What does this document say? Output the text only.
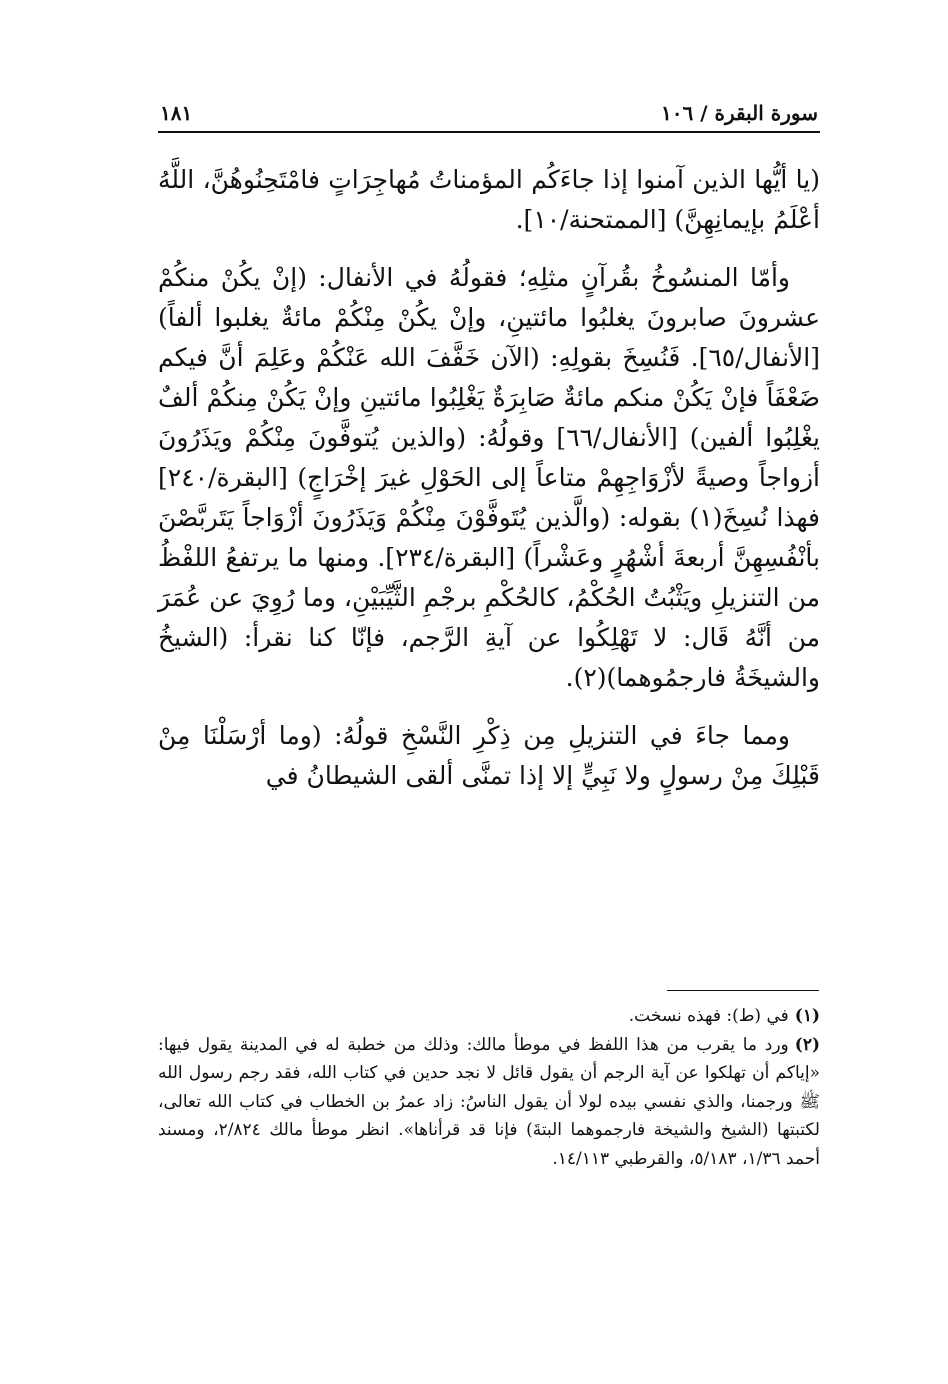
سورة البقرة / ١٠٦
١٨١

(يا أيُّها الذين آمنوا إذا جاءَكُم المؤمناتُ مُهاجِرَاتٍ فامْتَحِنُوهُنَّ، اللَّهُ أعْلَمُ بإيمانِهِنَّ) [الممتحنة/١٠].

وأمّا المنسُوخُ بقُرآنٍ مثلِهِ؛ فقولُهُ في الأنفال: (إنْ يكُنْ منكُمْ عشرونَ صابرونَ يغلبُوا مائتينِ، وإنْ يكُنْ مِنْكُمْ مائةٌ يغلبوا ألفاً) [الأنفال/٦٥]. فَنُسِخَ بقولِهِ: (الآن خَفَّفَ الله عَنْكُمْ وعَلِمَ أنَّ فيكم ضَعْفَاً فإنْ يَكُنْ منكم مائةٌ صَابِرَةٌ يَغْلِبُوا مائتينِ وإنْ يَكُنْ مِنكُمْ ألفٌ يغْلِبُوا ألفين) [الأنفال/٦٦] وقولُهُ: (والذين يُتوفَّونَ مِنْكُمْ ويَذَرُونَ أزواجاً وصيةً لأزْوَاجِهِمْ متاعاً إلى الحَوْلِ غيرَ إخْرَاجٍ) [البقرة/٢٤٠] فهذا نُسِخَ(١) بقوله: (والَّذين يُتَوفَّوْنَ مِنْكُمْ وَيَذَرُونَ أزْوَاجاً يَتَربَّصْنَ بأنْفُسِهِنَّ أربعةَ أشْهُرٍ وعَشْراً) [البقرة/٢٣٤]. ومنها ما يرتفعُ اللفْظُ من التنزيلِ ويَثْبُتُ الحُكْمُ، كالحُكْمِ برجْمِ الثَّيِّبَيْنِ، وما رُوِيَ عن عُمَرَ من أنَّهُ قَال: لا تَهْلِكُوا عن آيةِ الرَّجم، فإنّا كنا نقرأ: (الشيخُ والشيخَةُ فارجمُوهما)(٢).

ومما جاءَ في التنزيلِ مِن ذِكْرِ النَّسْخِ قولُهُ: (وما أرْسَلْنَا مِنْ قَبْلِكَ مِنْ رسولٍ ولا نَبِيٍّ إلا إذا تمنَّى ألقى الشيطانُ في

(١)في (ط): فهذه نسخت.

(٢)ورد ما يقرب من هذا اللفظ في موطأ مالك: وذلك من خطبة له في المدينة يقول فيها: «إياكم أن تهلكوا عن آية الرجم أن يقول قائل لا نجد حدين في كتاب الله، فقد رجم رسول الله ﷺ ورجمنا، والذي نفسي بيده لولا أن يقول الناسُ: زاد عمرُ بن الخطاب في كتاب الله تعالى، لكتبتها (الشيخ والشيخة فارجموهما البتةَ) فإنا قد قرأناها». انظر موطأ مالك ٢/٨٢٤، ومسند أحمد ١/٣٦، ٥/١٨٣، والقرطبي ١٤/١١٣.
